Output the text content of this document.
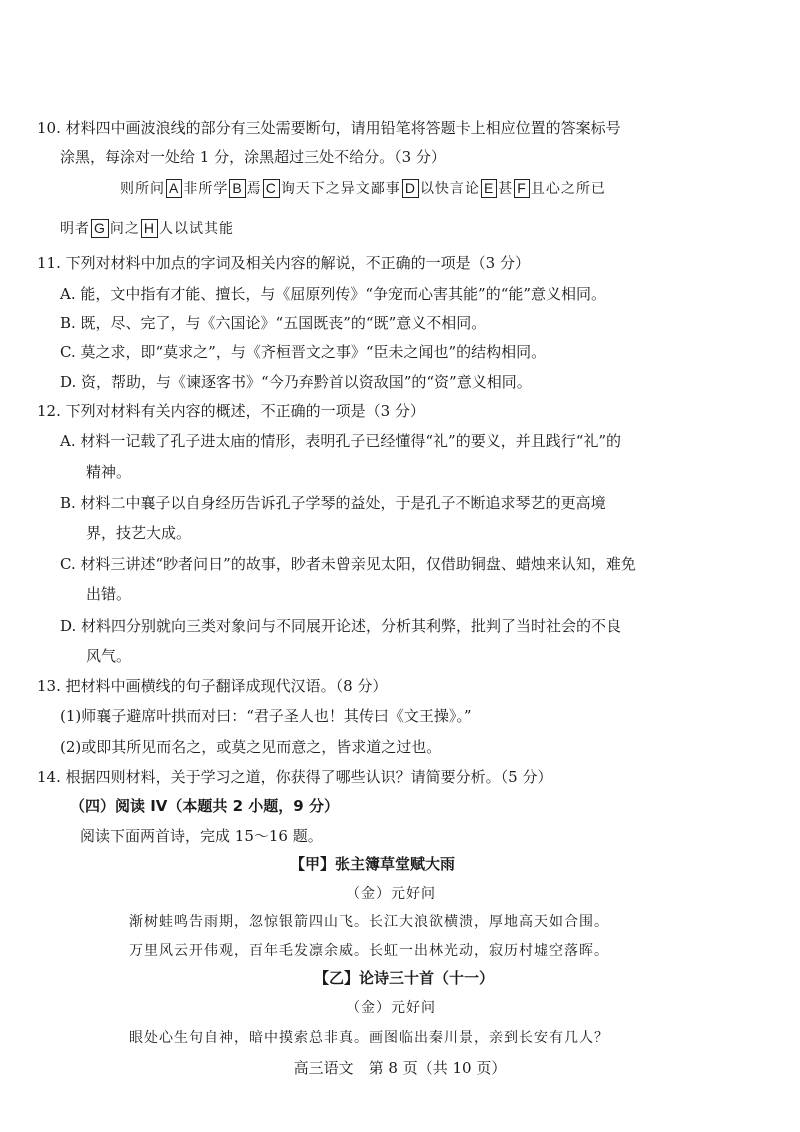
10. 材料四中画波浪线的部分有三处需要断句，请用铅笔将答题卡上相应位置的答案标号
涂黑，每涂对一处给 1 分，涂黑超过三处不给分。（3 分）
则所问 A 非所学 B 焉 C 询天下之异文鄙事 D 以快言论 E 甚 F 且心之所已
明者 G 问之 H 人以试其能
11. 下列对材料中加点的字词及相关内容的解说，不正确的一项是（3 分）
A. 能，文中指有才能、擅长，与《屈原列传》“争宠而心害其能”的“能”意义相同。
B. 既，尽、完了，与《六国论》“五国既丧”的“既”意义不相同。
C. 莫之求，即“莫求之”，与《齐桓晋文之事》“臣未之闻也”的结构相同。
D. 资，帮助，与《谏逐客书》“今乃弃黔首以资敌国”的“资”意义相同。
12. 下列对材料有关内容的概述，不正确的一项是（3 分）
A. 材料一记载了孔子进太庙的情形，表明孔子已经懂得“礼”的要义，并且践行“礼”的
精神。
B. 材料二中襄子以自身经历告诉孔子学琴的益处，于是孔子不断追求琴艺的更高境
界，技艺大成。
C. 材料三讲述“眇者问日”的故事，眇者未曾亲见太阳，仅借助铜盘、蜡烛来认知，难免
出错。
D. 材料四分别就向三类对象问与不同展开论述，分析其利弊，批判了当时社会的不良
风气。
13. 把材料中画横线的句子翻译成现代汉语。（8 分）
(1)师襄子避席叶拱而对曰：“君子圣人也！其传曰《文王操》。”
(2)或即其所见而名之，或莫之见而意之，皆求道之过也。
14. 根据四则材料，关于学习之道，你获得了哪些认识？请简要分析。（5 分）
（四）阅读 IV（本题共 2 小题，9 分）
阅读下面两首诗，完成 15～16 题。
【甲】张主簿草堂赋大雨
（金）元好问
渐树蛙鸣告雨期，忽惊银箭四山飞。长江大浪欲横溃，厚地高天如合围。
万里风云开伟观，百年毛发凛余威。长虹一出林光动，寂历村墟空落晖。
【乙】论诗三十首（十一）
（金）元好问
眼处心生句自神，暗中摸索总非真。画图临出秦川景，亲到长安有几人？
高三语文　第 8 页（共 10 页）
